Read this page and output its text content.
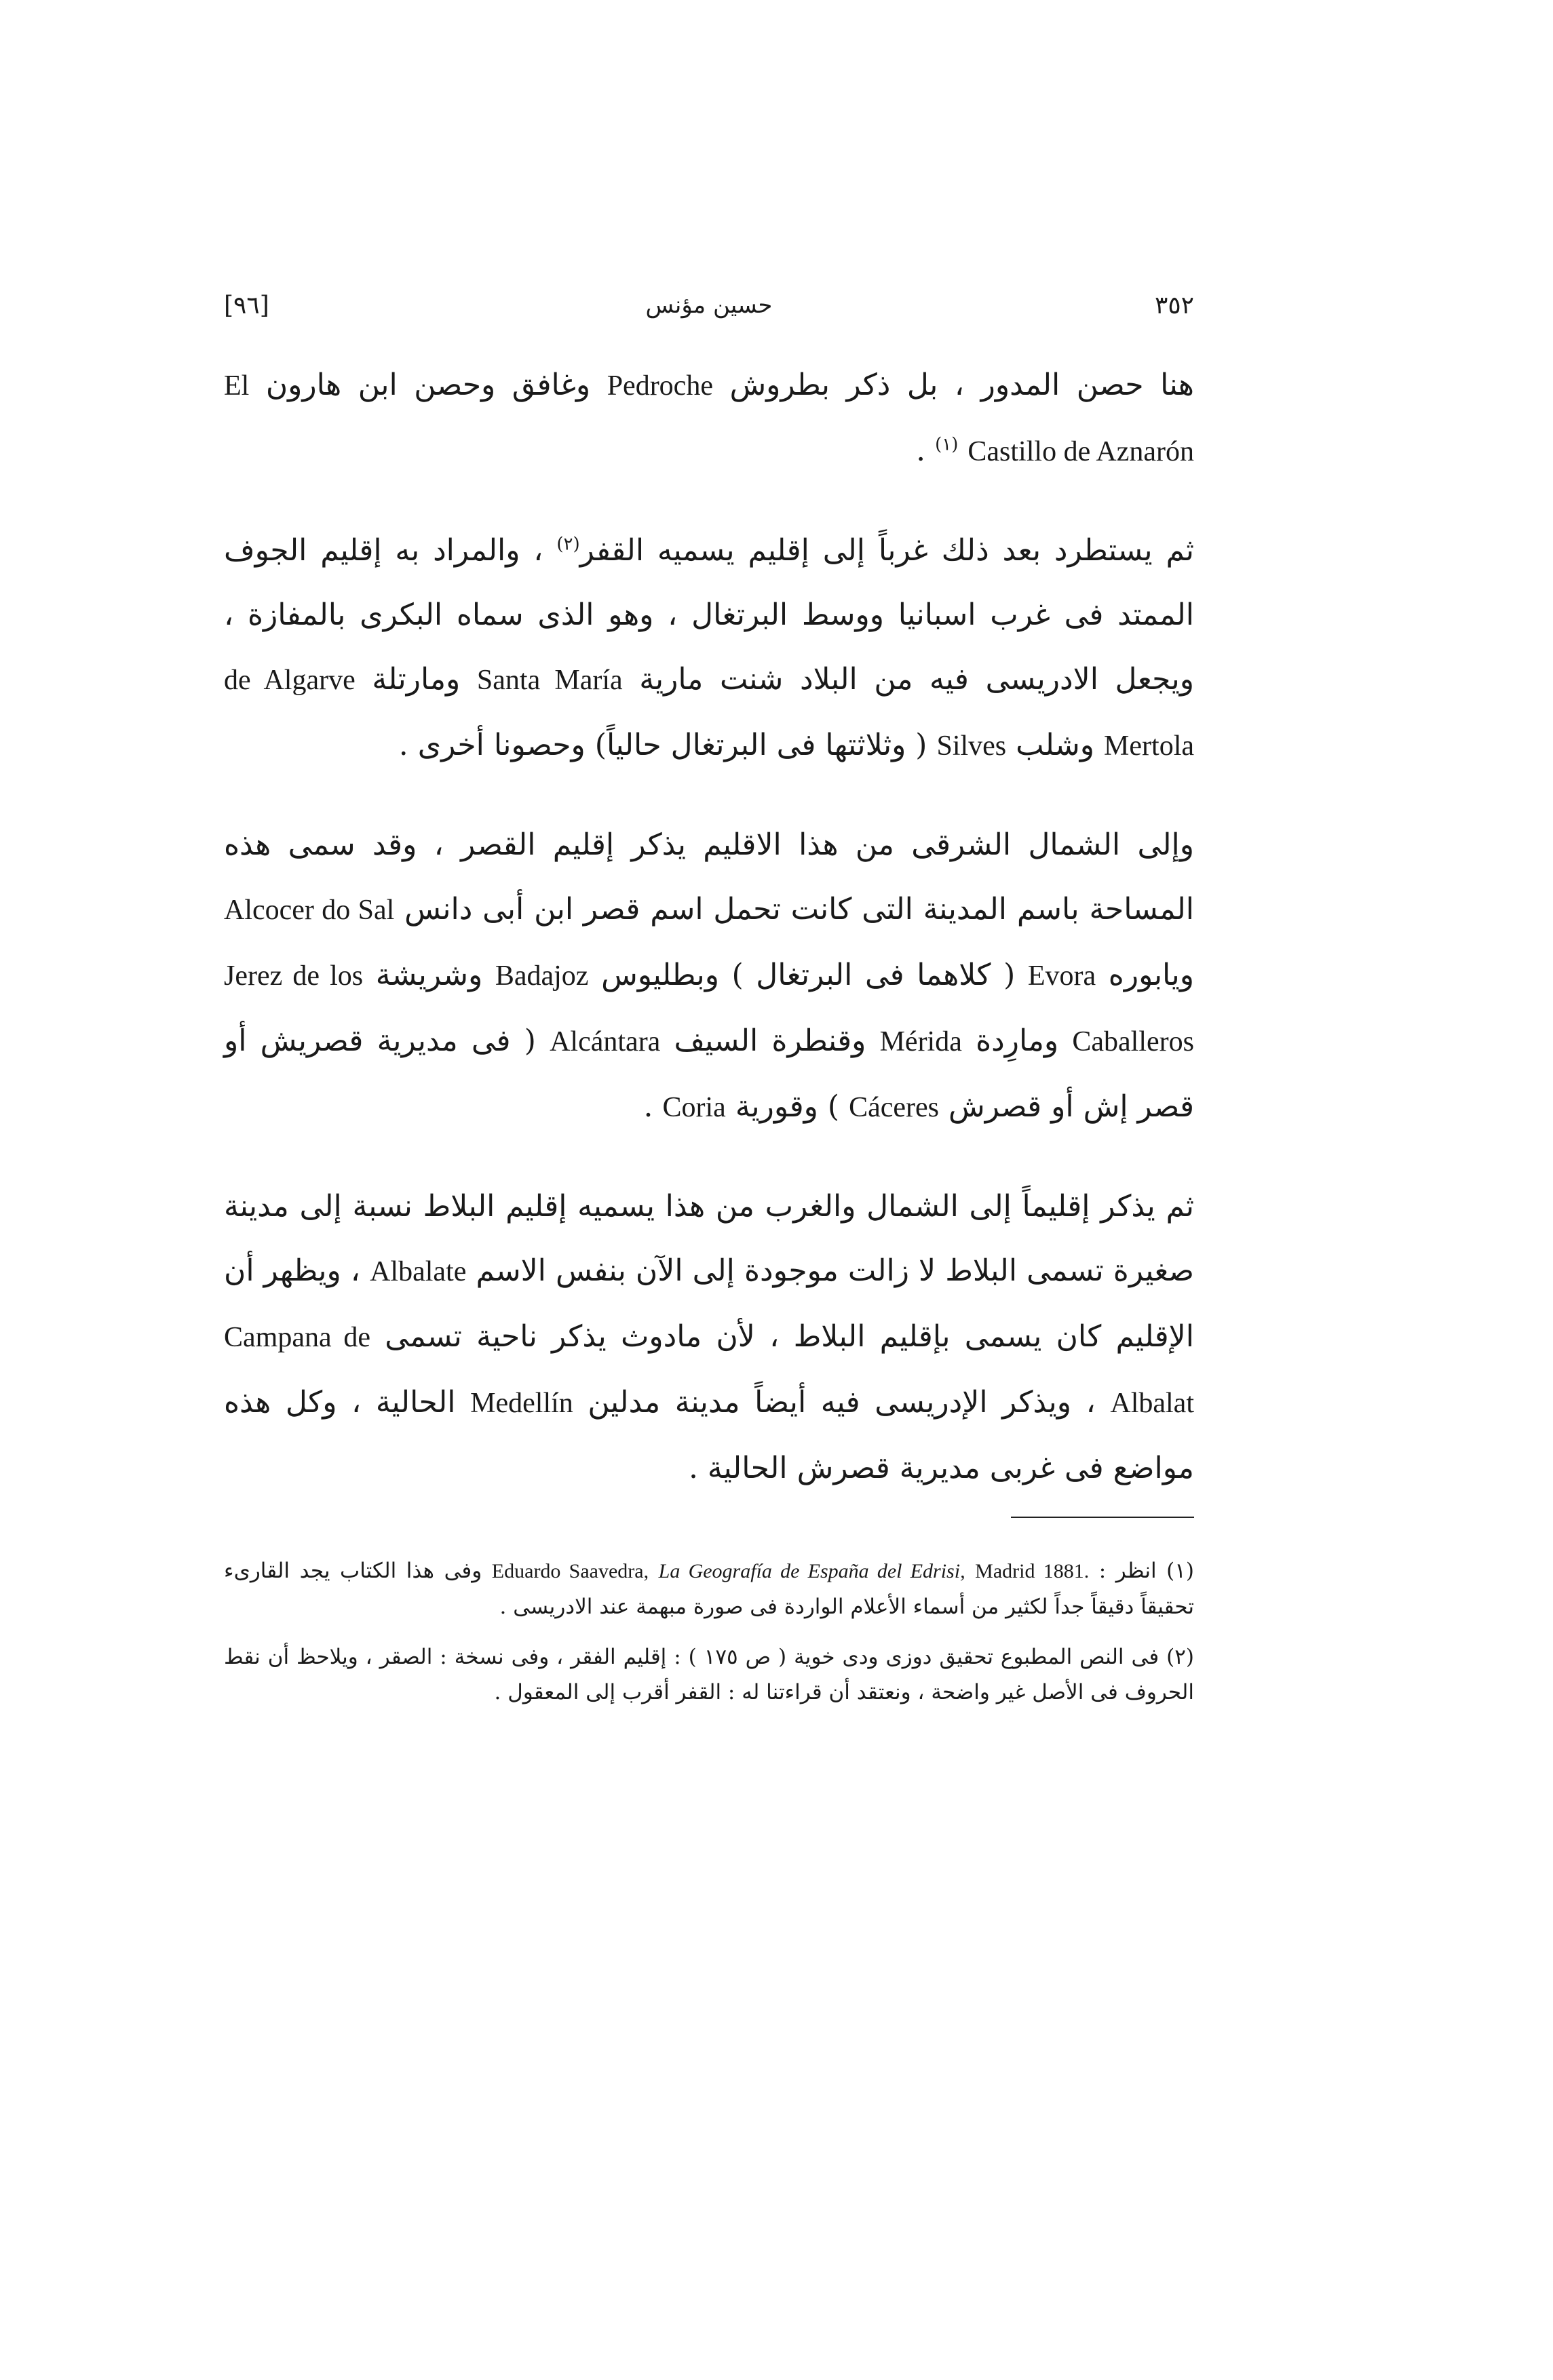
٣٥٢
حسين مؤنس
[٩٦]

هنا حصن المدور ، بل ذكر بطروش Pedroche وغافق وحصن ابن هارون El Castillo de Aznarón $^{(١)}$ .

ثم يستطرد بعد ذلك غرباً إلى إقليم يسميه القفر$^{(٢)}$ ، والمراد به إقليم الجوف الممتد فى غرب اسبانيا ووسط البرتغال ، وهو الذى سماه البكرى بالمفازة ، ويجعل الادريسى فيه من البلاد شنت مارية Santa María ومارتلة de Algarve Mertola وشلب Silves ( وثلاثتها فى البرتغال حالياً) وحصونا أخرى .

وإلى الشمال الشرقى من هذا الاقليم يذكر إقليم القصر ، وقد سمى هذه المساحة باسم المدينة التى كانت تحمل اسم قصر ابن أبى دانس Alcocer do Sal ويابوره Evora ( كلاهما فى البرتغال ) وبطليوس Badajoz وشريشة Jerez de los Caballeros ومارِدة Mérida وقنطرة السيف Alcántara ( فى مديرية قصريش أو قصر إش أو قصرش Cáceres ) وقورية Coria .

ثم يذكر إقليماً إلى الشمال والغرب من هذا يسميه إقليم البلاط نسبة إلى مدينة صغيرة تسمى البلاط لا زالت موجودة إلى الآن بنفس الاسم Albalate ، ويظهر أن الإقليم كان يسمى بإقليم البلاط ، لأن مادوث يذكر ناحية تسمى Campana de Albalat ، ويذكر الإدريسى فيه أيضاً مدينة مدلين Medellín الحالية ، وكل هذه مواضع فى غربى مديرية قصرش الحالية .

(١) انظر : Eduardo Saavedra, La Geografía de España del Edrisi, Madrid 1881. وفى هذا الكتاب يجد القارىء تحقيقاً دقيقاً جداً لكثير من أسماء الأعلام الواردة فى صورة مبهمة عند الادريسى .

(٢) فى النص المطبوع تحقيق دوزى ودى خوية ( ص ١٧٥ ) : إقليم الفقر ، وفى نسخة : الصقر ، ويلاحظ أن نقط الحروف فى الأصل غير واضحة ، ونعتقد أن قراءتنا له : القفر أقرب إلى المعقول .
